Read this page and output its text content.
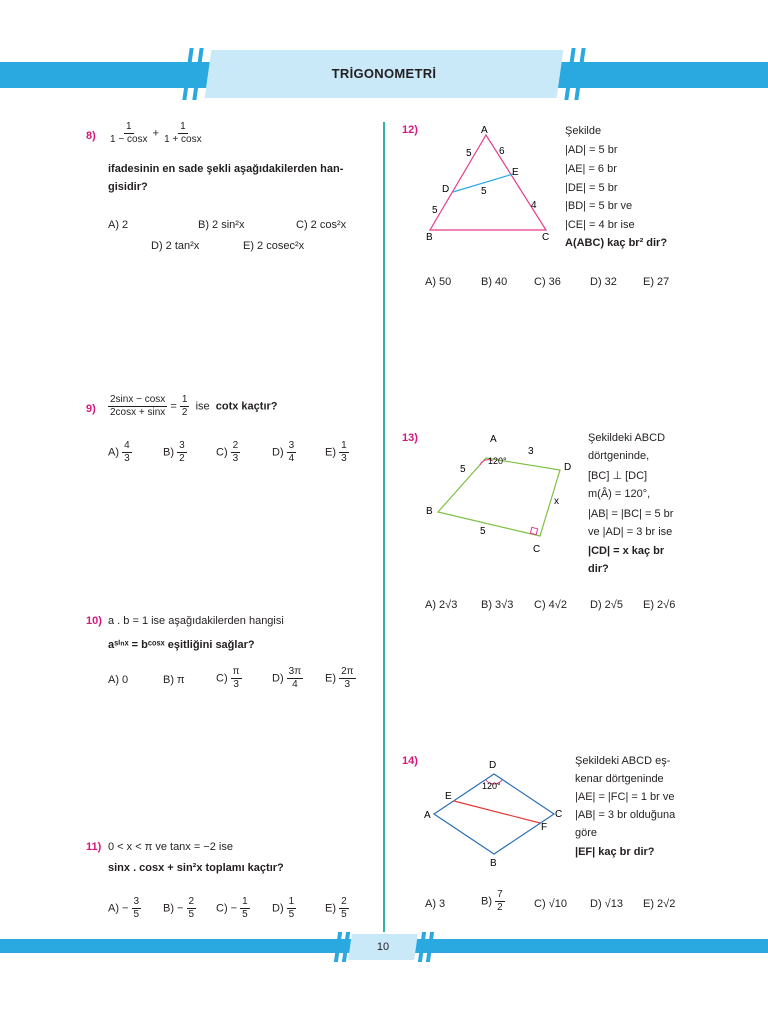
TRİGONOMETRİ
$8) \frac{1}{1 - \cos x} + \frac{1}{1 + \cos x}$
ifadesinin en sade şekli aşağıdakilerden han-
gisidir?
A) 2	B) 2 sin²x	C) 2 cos²x
D) 2 tan²x	E) 2 cosec²x
$9) \frac{2\sin x - \cos x}{2\cos x + \sin x} = \frac{1}{2}$ ise cotx kaçtır?
$A) \frac{4}{3}$	$B) \frac{3}{2}$	$C) \frac{2}{3}$	$D) \frac{3}{4}$	$E) \frac{1}{3}$
10) a . b = 1 ise aşağıdakilerden hangisi
aˢⁱⁿˣ = bᶜᵒˢˣ eşitliğini sağlar?
A) 0	B) π	$C) \frac{\pi}{3}$	$D) \frac{3\pi}{4} E) \frac{2\pi}{3}$
11) 0 < x < π ve tanx = −2 ise
sinx . cosx + sin²x toplamı kaçtır?
$A) - \frac{3}{5} B) - \frac{2}{5} C) - \frac{1}{5} D) \frac{1}{5}$	$E) \frac{2}{5}$
12)	A
B	C
D
E
5	6
5
5	4
Şekilde
|AD| = 5 br
|AE| = 6 br
|DE| = 5 br
|BD| = 5 br ve
|CE| = 4 br ise
A(ABC) kaç br² dir?
A) 50	B) 40 C) 36	D) 32 E) 27
13)	A
B
C
D
120°
3
5
5
x
Şekildeki ABCD
dörtgeninde,
[BC] ⊥ [DC]
m(Â) = 120°,
|AB| = |BC| = 5 br
ve |AD| = 3 br ise
|CD| = x kaç br
dir?
A) 2√3 B) 3√3 C) 4√2 D) 2√5 E) 2√6
14)	D
A	C
B
E
F
120°
Şekildeki ABCD eş-
kenar dörtgeninde
|AE| = |FC| = 1 br ve
|AB| = 3 br olduğuna
göre
|EF| kaç br dir?
A) 3	$B) \frac{7}{2}$	C) √10 D) √13 E) 2√2
10
